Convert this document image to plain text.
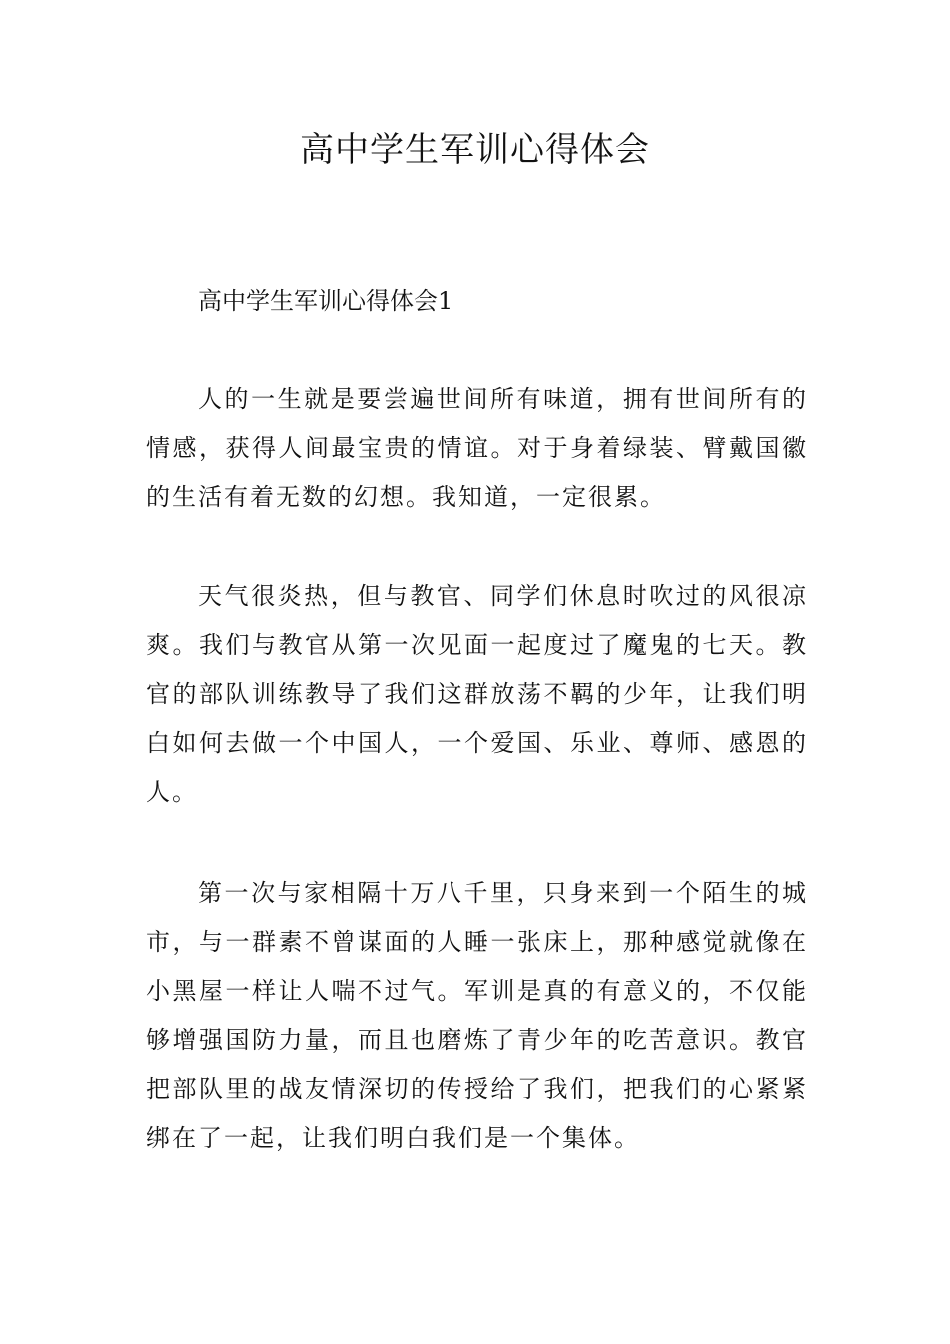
高中学生军训心得体会
高中学生军训心得体会1

人的一生就是要尝遍世间所有味道，拥有世间所有的情感，获得人间最宝贵的情谊。对于身着绿装、臂戴国徽的生活有着无数的幻想。我知道，一定很累。

天气很炎热，但与教官、同学们休息时吹过的风很凉爽。我们与教官从第一次见面一起度过了魔鬼的七天。教官的部队训练教导了我们这群放荡不羁的少年，让我们明白如何去做一个中国人，一个爱国、乐业、尊师、感恩的人。

第一次与家相隔十万八千里，只身来到一个陌生的城市，与一群素不曾谋面的人睡一张床上，那种感觉就像在小黑屋一样让人喘不过气。军训是真的有意义的，不仅能够增强国防力量，而且也磨炼了青少年的吃苦意识。教官把部队里的战友情深切的传授给了我们，把我们的心紧紧绑在了一起，让我们明白我们是一个集体。
